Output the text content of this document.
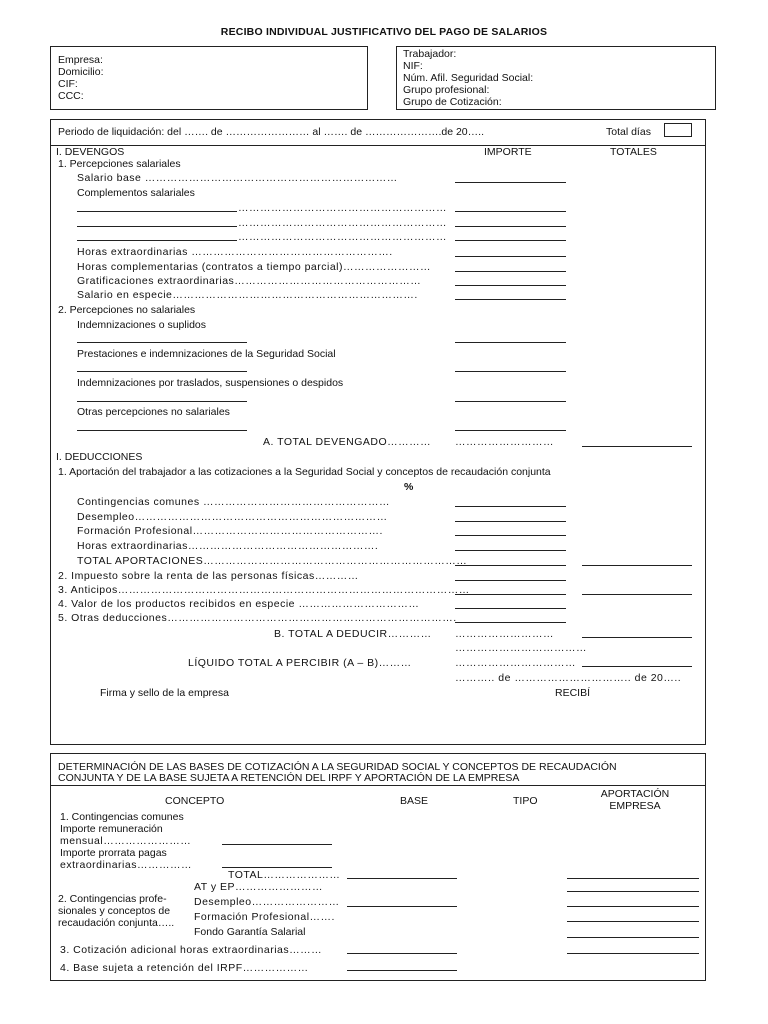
RECIBO INDIVIDUAL JUSTIFICATIVO DEL PAGO DE SALARIOS
Empresa:
Domicilio:
CIF:
CCC:
Trabajador:
NIF:
Núm. Afil. Seguridad Social:
Grupo profesional:
Grupo de Cotización:
Periodo de liquidación: del ……. de …………………… al ……. de ………………….de 20…..	Total días
I. DEVENGOS	IMPORTE	TOTALES
1. Percepciones salariales
Salario base ……………………………………………………………
Complementos salariales
…………………………………………………
…………………………………………………
…………………………………………………
Horas extraordinarias ……………………………………………….
Horas complementarias (contratos a tiempo parcial)……………………
Gratificaciones extraordinarias……………………………………………
Salario en especie………………………………………………………….
2. Percepciones no salariales
Indemnizaciones o suplidos
Prestaciones e indemnizaciones de la Seguridad Social
Indemnizaciones por traslados, suspensiones o despidos
Otras percepciones no salariales
A. TOTAL DEVENGADO………… ………………………
I. DEDUCCIONES
1. Aportación del trabajador a las cotizaciones a la Seguridad Social y conceptos de recaudación conjunta
%
Contingencias comunes ……………………………………………
Desempleo……………………………………………………………
Formación Profesional…………………………………………….
Horas extraordinarias…………………………………………….
TOTAL APORTACIONES………………………………………………………………
2. Impuesto sobre la renta de las personas físicas…………
3. Anticipos……………………………………………………………………………………
4. Valor de los productos recibidos en especie ……………………………
5. Otras deducciones…………………………………………………………………….
B. TOTAL A DEDUCIR………… ………………………
………………………………
LÍQUIDO TOTAL A PERCIBIR (A – B)………	……………………………
……….. de ………………………….. de 20…..
Firma y sello de la empresa	RECIBÍ
DETERMINACIÓN DE LAS BASES DE COTIZACIÓN A LA SEGURIDAD SOCIAL Y CONCEPTOS DE RECAUDACIÓN
CONJUNTA Y DE LA BASE SUJETA A RETENCIÓN DEL IRPF Y APORTACIÓN DE LA EMPRESA
CONCEPTO	BASE	TIPO
APORTACIÓN
EMPRESA
1. Contingencias comunes
Importe remuneración
mensual……………………
Importe prorrata pagas
extraordinarias……………
TOTAL…………………
2. Contingencias profe-
sionales y conceptos de
recaudación conjunta…..
AT y EP……………………
Desempleo……………………
Formación Profesional…….
Fondo Garantía Salarial
3. Cotización adicional horas extraordinarias………
4. Base sujeta a retención del IRPF………………
